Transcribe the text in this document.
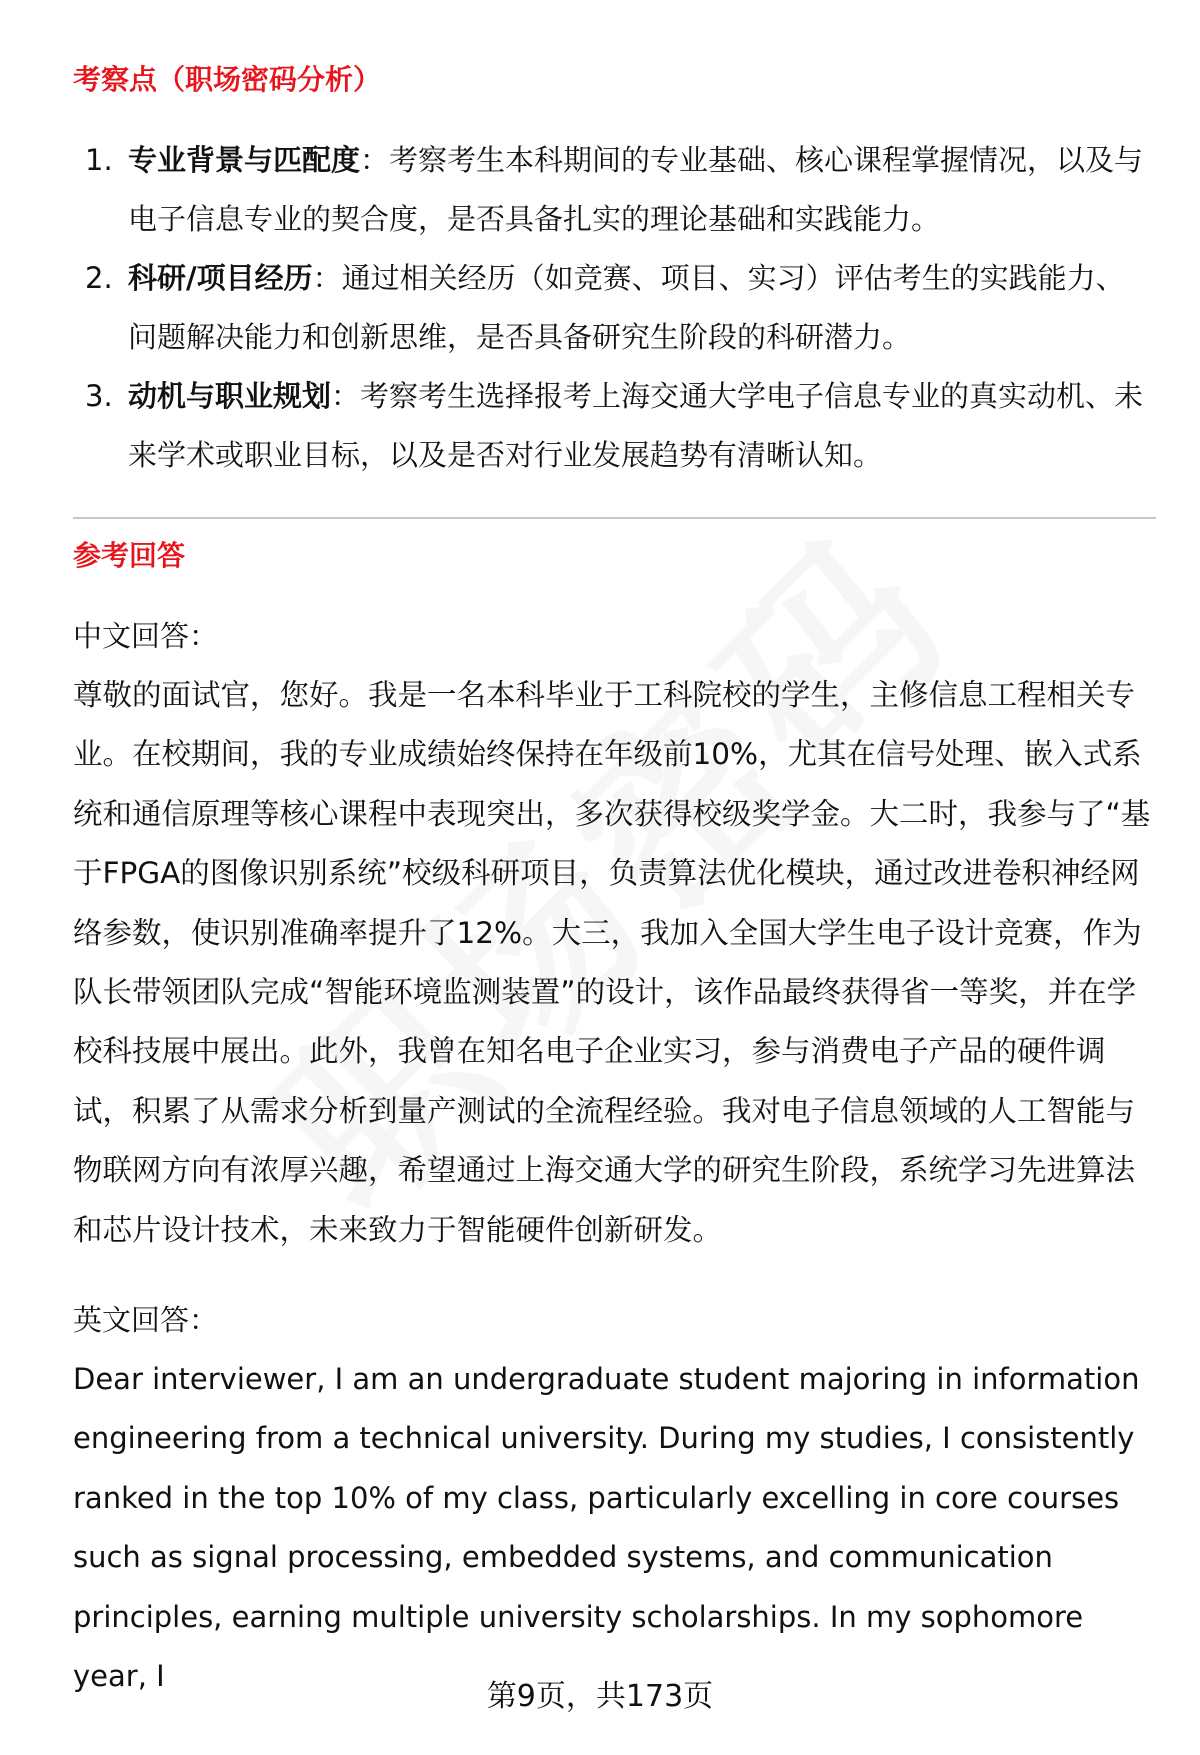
考察点（职场密码分析）
1. 专业背景与匹配度：考察考生本科期间的专业基础、核心课程掌握情况，以及与电子信息专业的契合度，是否具备扎实的理论基础和实践能力。
2. 科研/项目经历：通过相关经历（如竞赛、项目、实习）评估考生的实践能力、问题解决能力和创新思维，是否具备研究生阶段的科研潜力。
3. 动机与职业规划：考察考生选择报考上海交通大学电子信息专业的真实动机、未来学术或职业目标，以及是否对行业发展趋势有清晰认知。
参考回答
中文回答：

尊敬的面试官，您好。我是一名本科毕业于工科院校的学生，主修信息工程相关专业。在校期间，我的专业成绩始终保持在年级前10%，尤其在信号处理、嵌入式系统和通信原理等核心课程中表现突出，多次获得校级奖学金。大二时，我参与了“基于FPGA的图像识别系统”校级科研项目，负责算法优化模块，通过改进卷积神经网络参数，使识别准确率提升了12%。大三，我加入全国大学生电子设计竞赛，作为队长带领团队完成“智能环境监测装置”的设计，该作品最终获得省一等奖，并在学校科技展中展出。此外，我曾在知名电子企业实习，参与消费电子产品的硬件调试，积累了从需求分析到量产测试的全流程经验。我对电子信息领域的人工智能与物联网方向有浓厚兴趣，希望通过上海交通大学的研究生阶段，系统学习先进算法和芯片设计技术，未来致力于智能硬件创新研发。

英文回答：

Dear interviewer, I am an undergraduate student majoring in information engineering from a technical university. During my studies, I consistently ranked in the top 10% of my class, particularly excelling in core courses such as signal processing, embedded systems, and communication principles, earning multiple university scholarships. In my sophomore year, I

第9页，共173页
